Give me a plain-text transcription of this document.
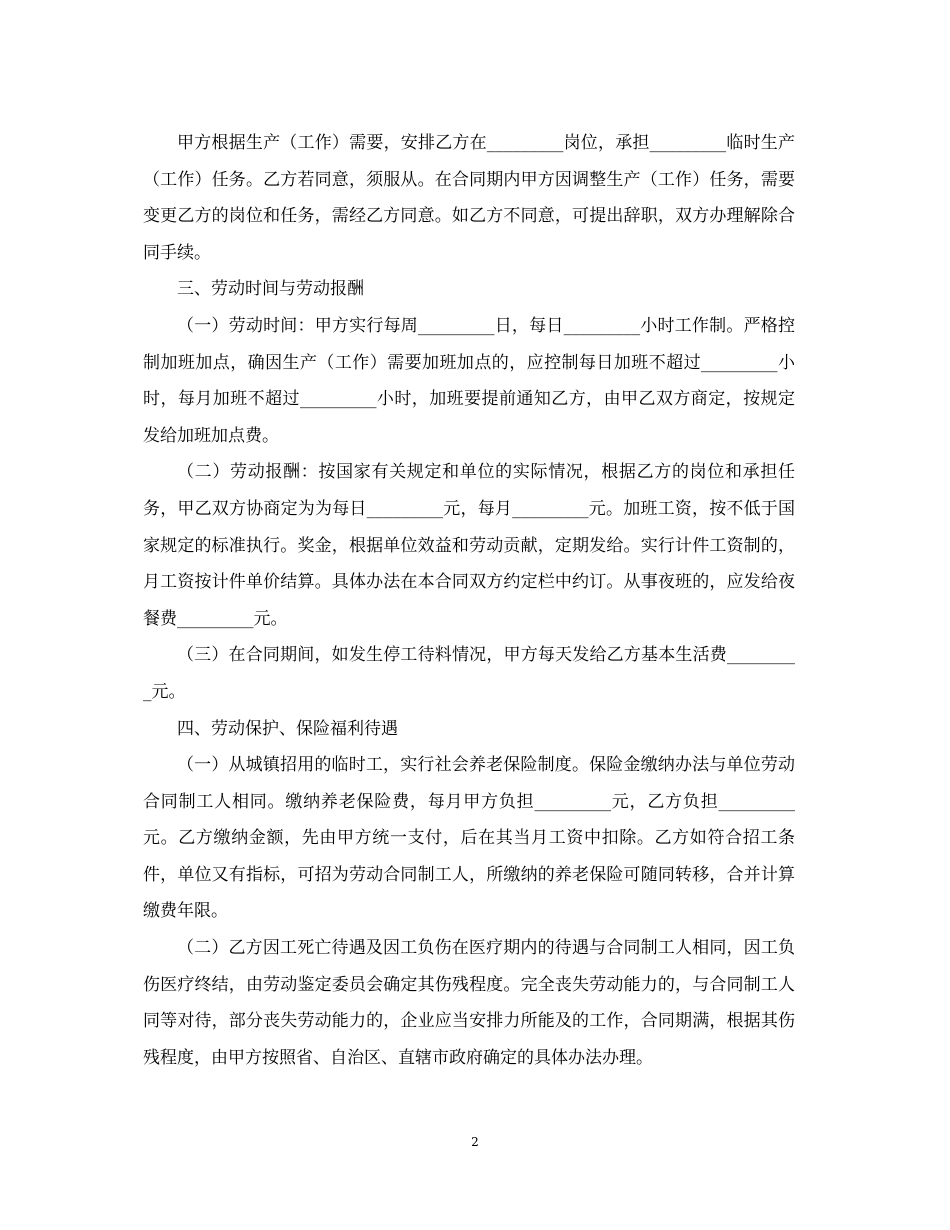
甲方根据生产（工作）需要，安排乙方在_________岗位，承担_________临时生产（工作）任务。乙方若同意，须服从。在合同期内甲方因调整生产（工作）任务，需要变更乙方的岗位和任务，需经乙方同意。如乙方不同意，可提出辞职，双方办理解除合同手续。

三、劳动时间与劳动报酬

（一）劳动时间：甲方实行每周_________日，每日_________小时工作制。严格控制加班加点，确因生产（工作）需要加班加点的，应控制每日加班不超过_________小时，每月加班不超过_________小时，加班要提前通知乙方，由甲乙双方商定，按规定发给加班加点费。

（二）劳动报酬：按国家有关规定和单位的实际情况，根据乙方的岗位和承担任务，甲乙双方协商定为为每日_________元，每月_________元。加班工资，按不低于国家规定的标准执行。奖金，根据单位效益和劳动贡献，定期发给。实行计件工资制的，月工资按计件单价结算。具体办法在本合同双方约定栏中约订。从事夜班的，应发给夜餐费_________元。

（三）在合同期间，如发生停工待料情况，甲方每天发给乙方基本生活费_________元。

四、劳动保护、保险福利待遇

（一）从城镇招用的临时工，实行社会养老保险制度。保险金缴纳办法与单位劳动合同制工人相同。缴纳养老保险费，每月甲方负担_________元，乙方负担_________元。乙方缴纳金额，先由甲方统一支付，后在其当月工资中扣除。乙方如符合招工条件，单位又有指标，可招为劳动合同制工人，所缴纳的养老保险可随同转移，合并计算缴费年限。

（二）乙方因工死亡待遇及因工负伤在医疗期内的待遇与合同制工人相同，因工负伤医疗终结，由劳动鉴定委员会确定其伤残程度。完全丧失劳动能力的，与合同制工人同等对待，部分丧失劳动能力的，企业应当安排力所能及的工作，合同期满，根据其伤残程度，由甲方按照省、自治区、直辖市政府确定的具体办法办理。

2
